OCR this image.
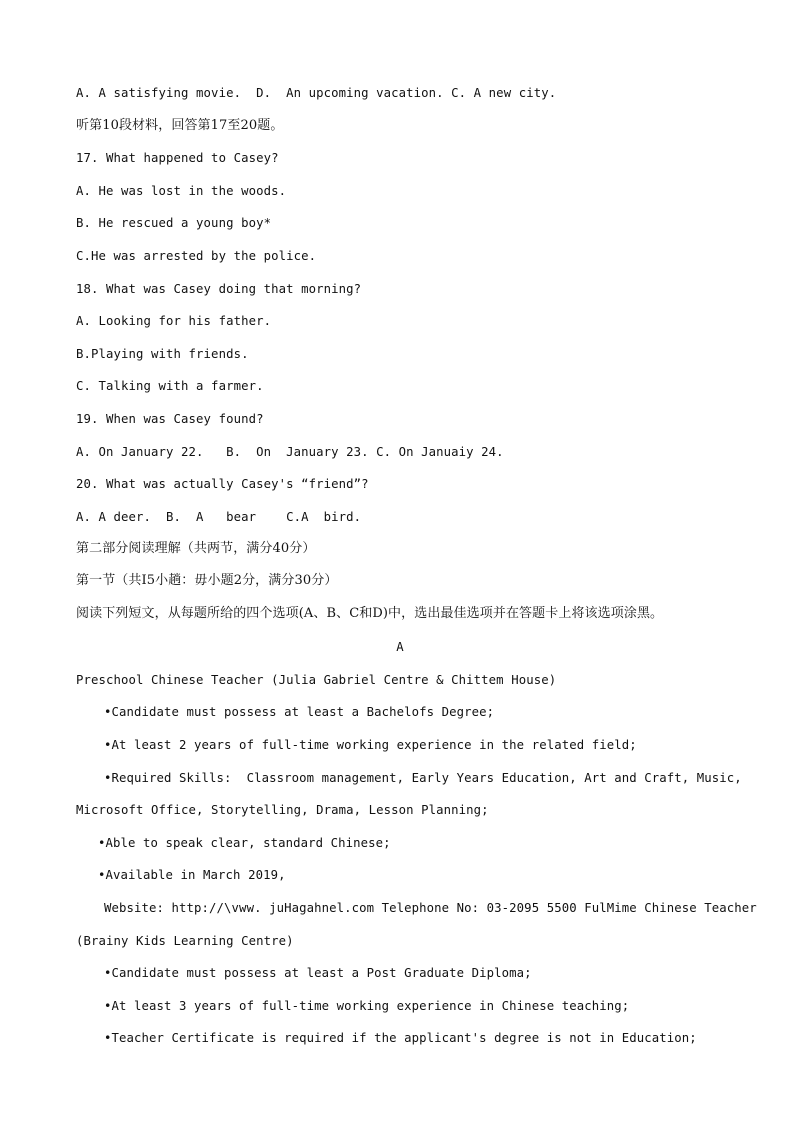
A. A satisfying movie.  D.  An upcoming vacation. C. A new city.
听第10段材料，回答第17至20题。
17. What happened to Casey?
A. He was lost in the woods.
B. He rescued a young boy*
C.He was arrested by the police.
18. What was Casey doing that morning?
A. Looking for his father.
B.Playing with friends.
C. Talking with a farmer.
19. When was Casey found?
A. On January 22.   B.  On  January 23. C. On Januaiy 24.
20. What was actually Casey's “friend”?
A. A deer.  B.  A   bear    C.A  bird.
第二部分阅读理解（共两节，满分40分）
第一节（共I5小趟：毋小题2分，满分30分）
阅读下列短文，从每题所给的四个选项(A、B、C和D)中，选出最佳选项并在答题卡上将该选项涂黑。
A
Preschool Chinese Teacher (Julia Gabriel Centre & Chittem House)
•Candidate must possess at least a Bachelofs Degree;
•At least 2 years of full-time working experience in the related field;
•Required Skills:  Classroom management, Early Years Education, Art and Craft, Music,
Microsoft Office, Storytelling, Drama, Lesson Planning;
•Able to speak clear, standard Chinese;
•Available in March 2019,
Website: http://\vww. juHagahnel.com Telephone No: 03-2095 5500 FulMime Chinese Teacher
(Brainy Kids Learning Centre)
•Candidate must possess at least a Post Graduate Diploma;
•At least 3 years of full-time working experience in Chinese teaching;
•Teacher Certificate is required if the applicant's degree is not in Education;
